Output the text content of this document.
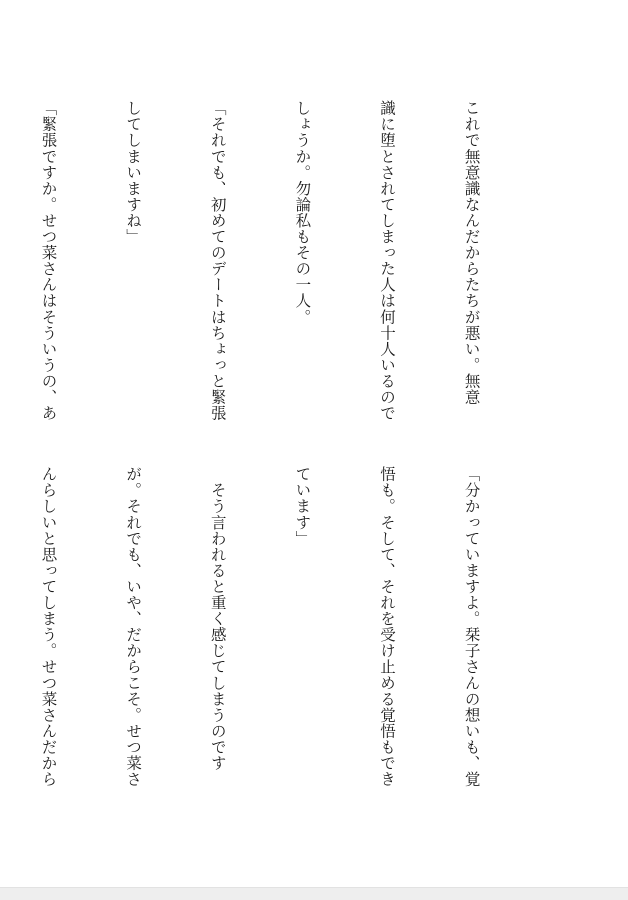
これで無意識なんだからたちが悪い。無意

識に堕とされてしまった人は何十人いるので

しょうか。勿論私もその一人。

「それでも、初めてのデートはちょっと緊張

してしまいますね」

「緊張ですか。せつ菜さんはそういうの、あ

「分かっていますよ。栞子さんの想いも、覚

悟も。そして、それを受け止める覚悟もでき

ています」

　そう言われると重く感じてしまうのです

が。それでも、いや、だからこそ。せつ菜さ

んらしいと思ってしまう。せつ菜さんだから
